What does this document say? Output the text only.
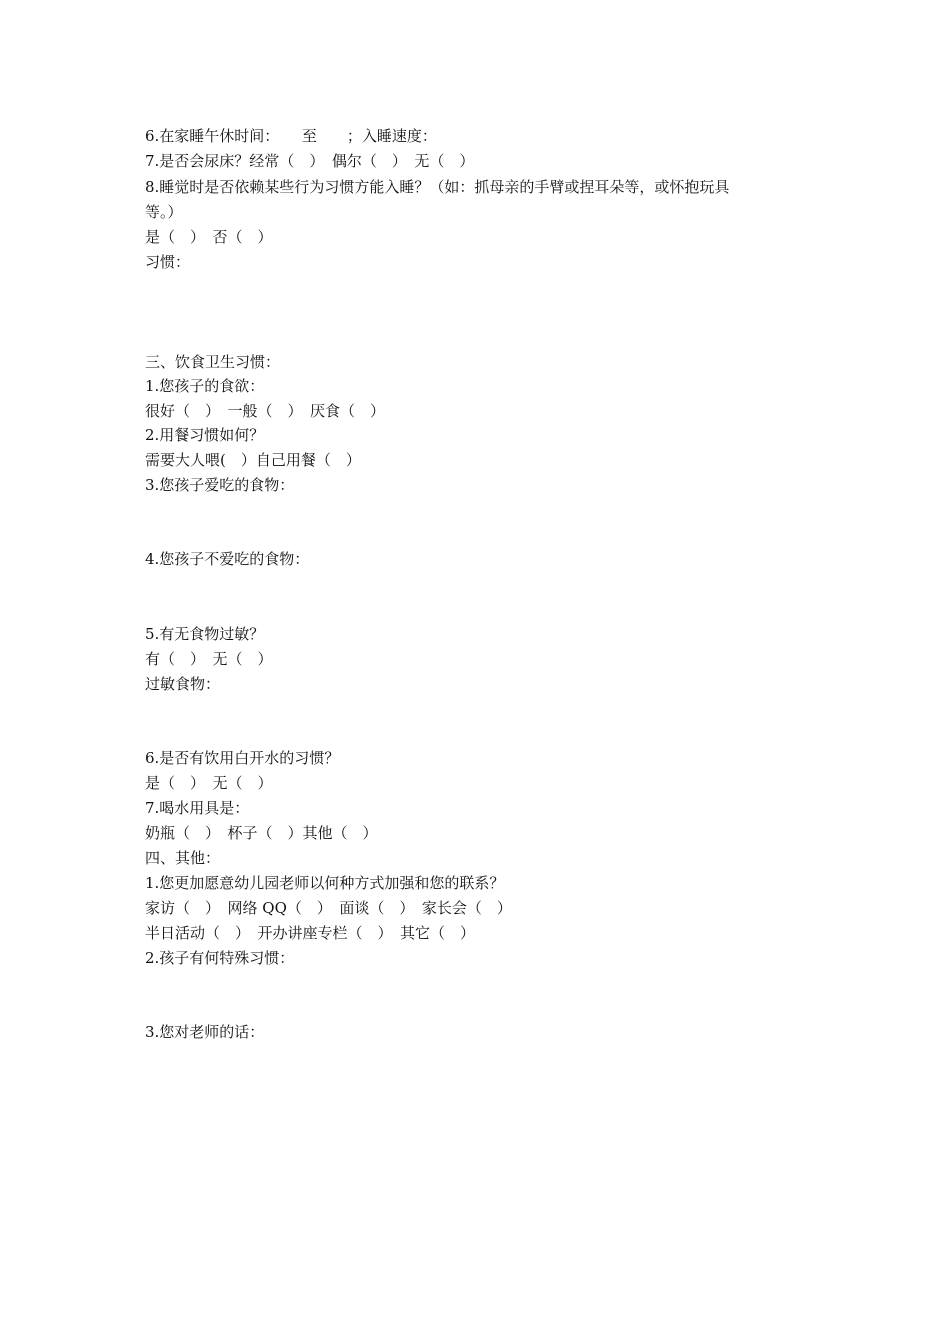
6.在家睡午休时间：　　至　　；入睡速度：
7.是否会尿床？经常（　）　偶尔（　）　无（　）
8.睡觉时是否依赖某些行为习惯方能入睡？（如：抓母亲的手臂或捏耳朵等，或怀抱玩具
等。）
是（　）　否（　）
习惯：
三、饮食卫生习惯：
1.您孩子的食欲：
很好（　）　一般（　）　厌食（　）
2.用餐习惯如何？
需要大人喂(　）自己用餐（　）
3.您孩子爱吃的食物：
4.您孩子不爱吃的食物：
5.有无食物过敏？
有（　）　无（　）
过敏食物：
6.是否有饮用白开水的习惯？
是（　）　无（　）
7.喝水用具是：
奶瓶（　）　杯子（　）其他（　）
四、其他：
1.您更加愿意幼儿园老师以何种方式加强和您的联系？
家访（　）　网络 QQ（　）　面谈（　）　家长会（　）
半日活动（　）　开办讲座专栏（　）　其它（　）
2.孩子有何特殊习惯：
3.您对老师的话：
